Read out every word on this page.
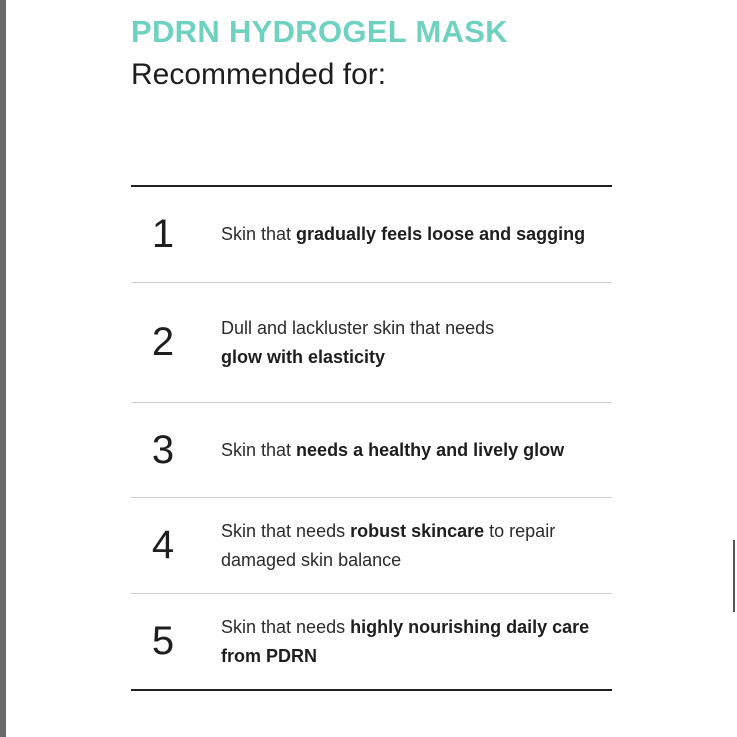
PDRN HYDROGEL MASK
Recommended for:
1	Skin that gradually feels loose and sagging
2	Dull and lackluster skin that needs
glow with elasticity
3	Skin that needs a healthy and lively glow
4	Skin that needs robust skincare to repair
damaged skin balance
5	Skin that needs highly nourishing daily care
from PDRN
